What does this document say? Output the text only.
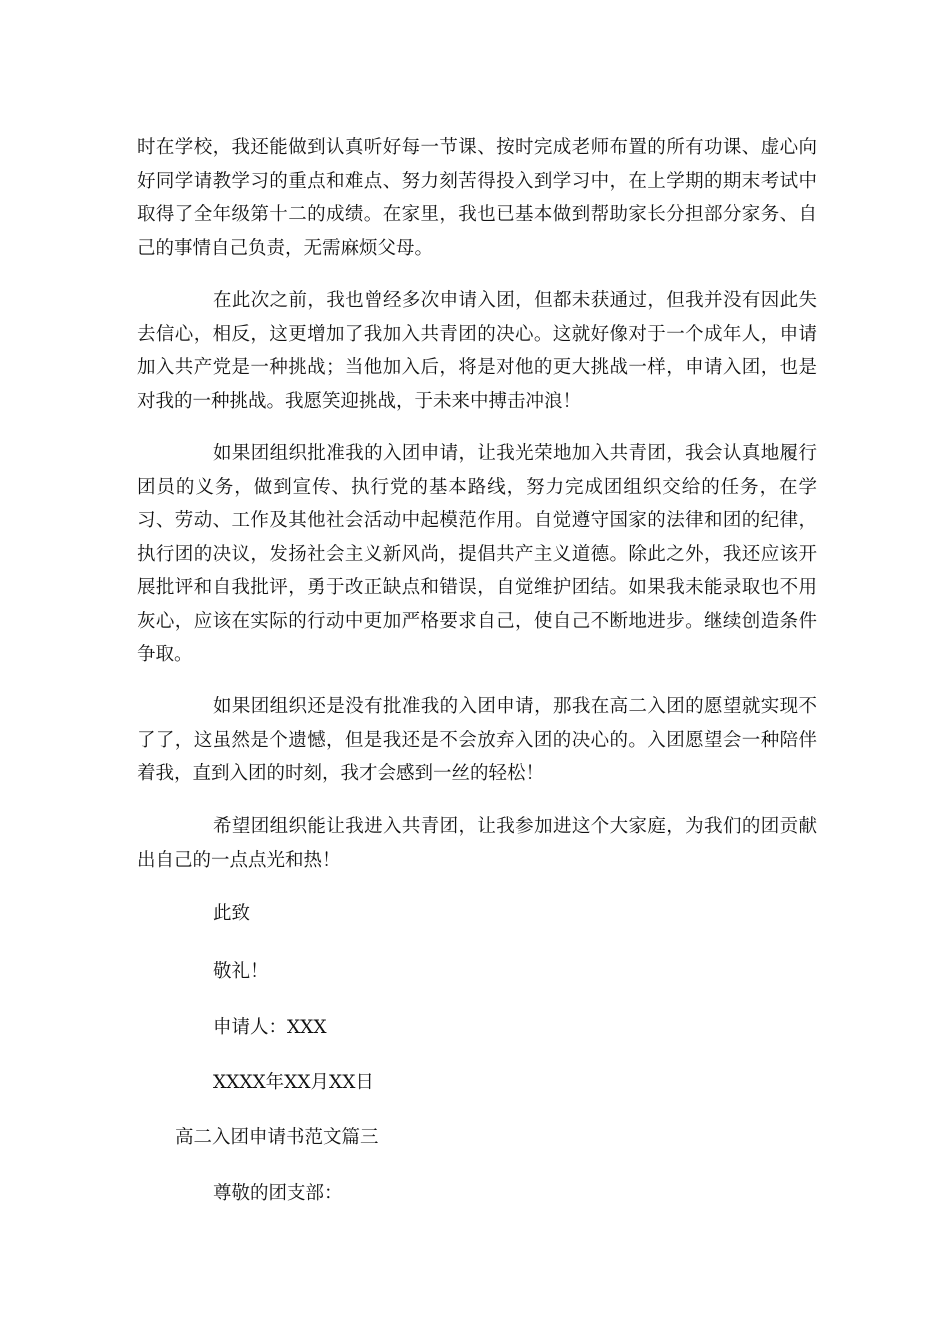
时在学校，我还能做到认真听好每一节课、按时完成老师布置的所有功课、虚心向好同学请教学习的重点和难点、努力刻苦得投入到学习中，在上学期的期末考试中取得了全年级第十二的成绩。在家里，我也已基本做到帮助家长分担部分家务、自己的事情自己负责，无需麻烦父母。

在此次之前，我也曾经多次申请入团，但都未获通过，但我并没有因此失去信心，相反，这更增加了我加入共青团的决心。这就好像对于一个成年人，申请加入共产党是一种挑战；当他加入后，将是对他的更大挑战一样，申请入团，也是对我的一种挑战。我愿笑迎挑战，于未来中搏击冲浪！

如果团组织批准我的入团申请，让我光荣地加入共青团，我会认真地履行团员的义务，做到宣传、执行党的基本路线，努力完成团组织交给的任务，在学习、劳动、工作及其他社会活动中起模范作用。自觉遵守国家的法律和团的纪律，执行团的决议，发扬社会主义新风尚，提倡共产主义道德。除此之外，我还应该开展批评和自我批评，勇于改正缺点和错误，自觉维护团结。如果我未能录取也不用灰心，应该在实际的行动中更加严格要求自己，使自己不断地进步。继续创造条件争取。

如果团组织还是没有批准我的入团申请，那我在高二入团的愿望就实现不了了，这虽然是个遗憾，但是我还是不会放弃入团的决心的。入团愿望会一种陪伴着我，直到入团的时刻，我才会感到一丝的轻松！

希望团组织能让我进入共青团，让我参加进这个大家庭，为我们的团贡献出自己的一点点光和热！

此致

敬礼！

申请人：XXX

XXXX年XX月XX日

高二入团申请书范文篇三

尊敬的团支部：
